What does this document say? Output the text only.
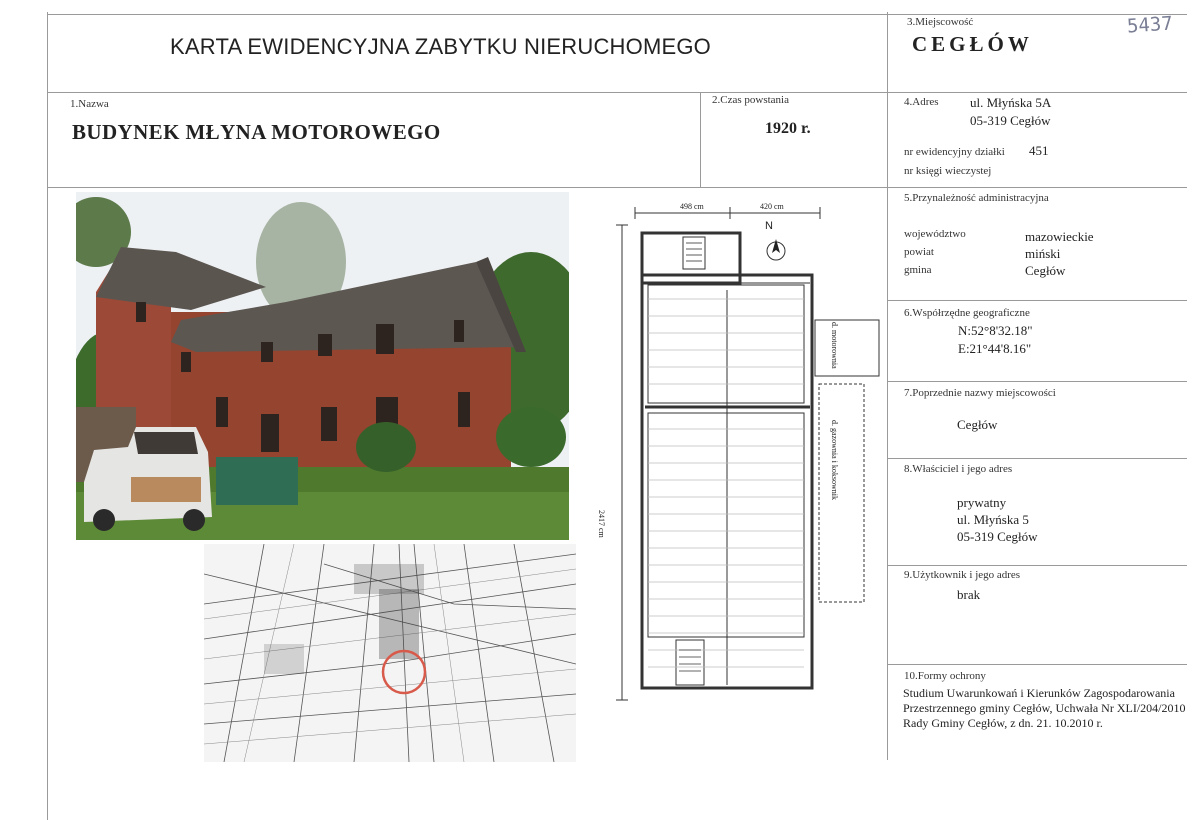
KARTA EWIDENCYJNA ZABYTKU NIERUCHOMEGO
3.Miejscowość
CEGŁÓW
5437
1.Nazwa
BUDYNEK MŁYNA MOTOROWEGO
2.Czas powstania
1920 r.
4.Adres ul. Młyńska 5A
05-319 Cegłów
nr ewidencyjny działki 451
nr księgi wieczystej
5.Przynależność administracyjna
województwo	mazowieckie
powiat	miński
gmina	Cegłów
6.Współrzędne geograficzne
N:52°8'32.18"
E:21°44'8.16"
7.Poprzednie nazwy miejscowości
Cegłów
8.Właściciel i jego adres
prywatny
ul. Młyńska 5
05-319 Cegłów
9.Użytkownik i jego adres
brak
10.Formy ochrony
Studium Uwarunkowań i Kierunków Zagospodarowania Przestrzennego gminy Cegłów, Uchwała Nr XLI/204/2010 Rady Gminy Cegłów, z dn. 21. 10.2010 r.
498 cm	420 cm
2417 cm
N
d. motorownia
d. gazownia i koksownik
